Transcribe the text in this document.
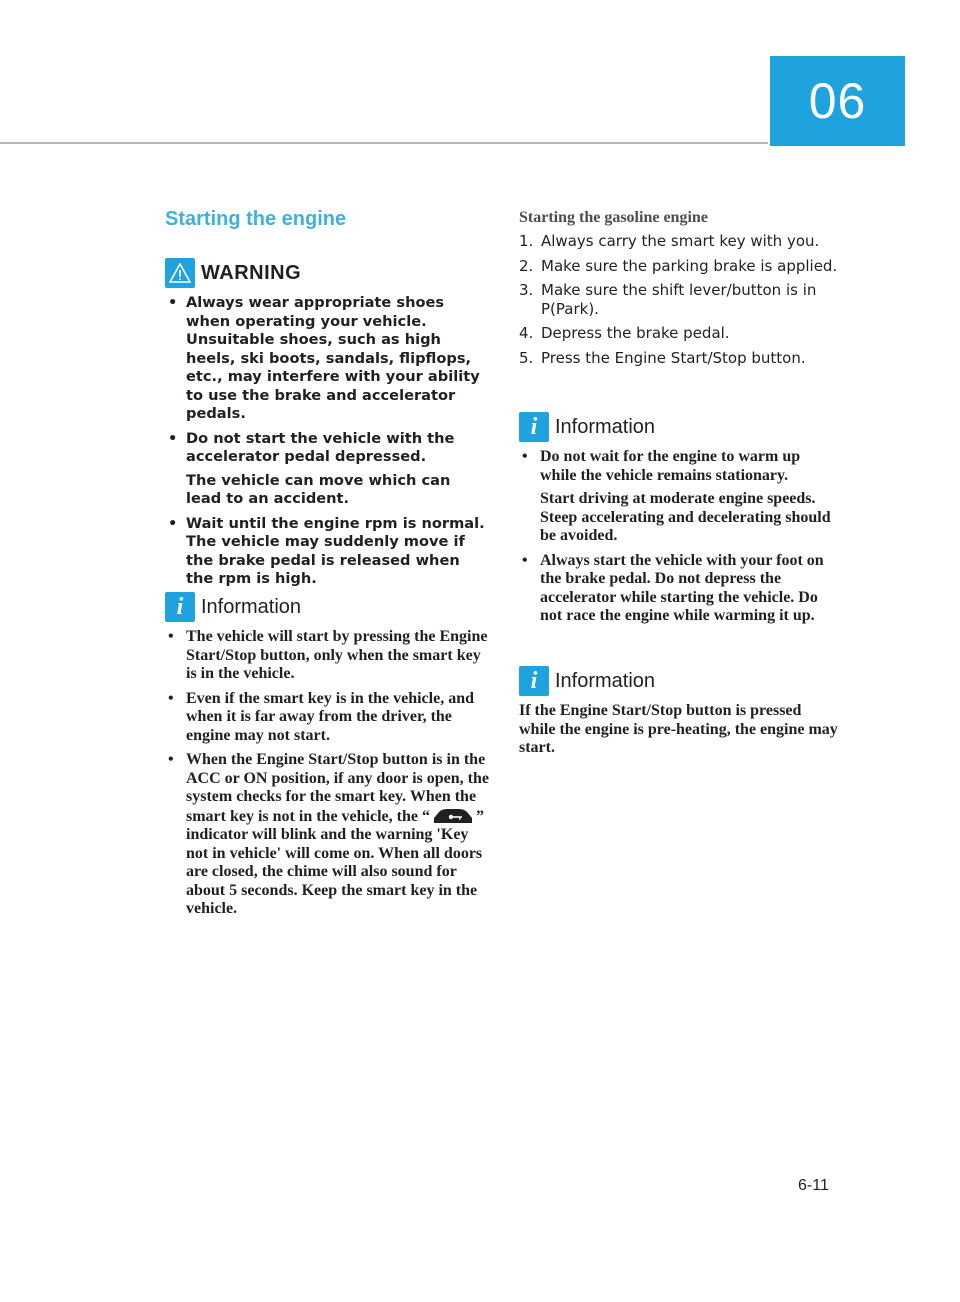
06
Starting the engine
WARNING
• Always wear appropriate shoes when operating your vehicle. Unsuitable shoes, such as high heels, ski boots, sandals, flipflops, etc., may interfere with your ability to use the brake and accelerator pedals.
• Do not start the vehicle with the accelerator pedal depressed.
The vehicle can move which can lead to an accident.
• Wait until the engine rpm is normal. The vehicle may suddenly move if the brake pedal is released when the rpm is high.
i Information
• The vehicle will start by pressing the Engine Start/Stop button, only when the smart key is in the vehicle.
• Even if the smart key is in the vehicle, and when it is far away from the driver, the engine may not start.
• When the Engine Start/Stop button is in the ACC or ON position, if any door is open, the system checks for the smart key. When the smart key is not in the vehicle, the “	” indicator will blink and the warning 'Key not in vehicle' will come on. When all doors are closed, the chime will also sound for about 5 seconds. Keep the smart key in the vehicle.
Starting the gasoline engine
1. Always carry the smart key with you.
2. Make sure the parking brake is applied.
3. Make sure the shift lever/button is in P(Park).
4. Depress the brake pedal.
5. Press the Engine Start/Stop button.
i Information
• Do not wait for the engine to warm up while the vehicle remains stationary.
Start driving at moderate engine speeds. Steep accelerating and decelerating should be avoided.
• Always start the vehicle with your foot on the brake pedal. Do not depress the accelerator while starting the vehicle. Do not race the engine while warming it up.
i Information

If the Engine Start/Stop button is pressed while the engine is pre-heating, the engine may start.

6-11
